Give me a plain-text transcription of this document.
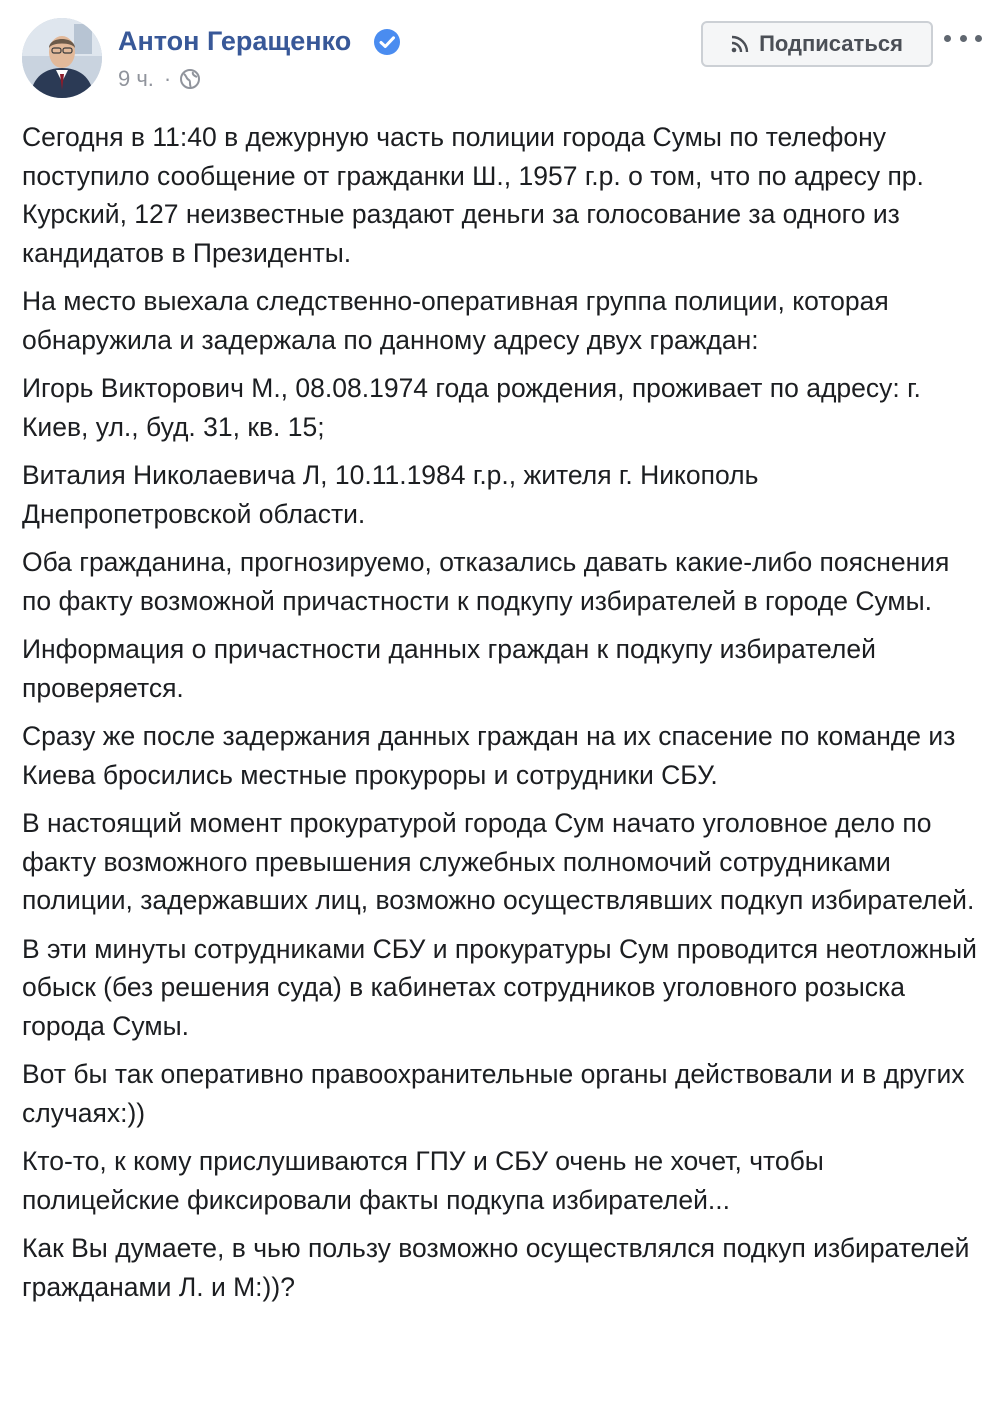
Антон Геращенко
9 ч. ·
Подписаться

Сегодня в 11:40 в дежурную часть полиции города Сумы по телефону поступило сообщение от гражданки Ш., 1957 г.р. о том, что по адресу пр. Курский, 127 неизвестные раздают деньги за голосование за одного из кандидатов в Президенты.

На место выехала следственно-оперативная группа полиции, которая обнаружила и задержала по данному адресу двух граждан:

Игорь Викторович М., 08.08.1974 года рождения, проживает по адресу: г. Киев, ул., буд. 31, кв. 15;

Виталия Николаевича Л, 10.11.1984 г.р., жителя г. Никополь Днепропетровской области.

Оба гражданина, прогнозируемо, отказались давать какие-либо пояснения по факту возможной причастности к подкупу избирателей в городе Сумы.

Информация о причастности данных граждан к подкупу избирателей проверяется.

Сразу же после задержания данных граждан на их спасение по команде из Киева бросились местные прокуроры и сотрудники СБУ.

В настоящий момент прокуратурой города Сум начато уголовное дело по факту возможного превышения служебных полномочий сотрудниками полиции, задержавших лиц, возможно осуществлявших подкуп избирателей.

В эти минуты сотрудниками СБУ и прокуратуры Сум проводится неотложный обыск (без решения суда) в кабинетах сотрудников уголовного розыска города Сумы.

Вот бы так оперативно правоохранительные органы действовали и в других случаях:))

Кто-то, к кому прислушиваются ГПУ и СБУ очень не хочет, чтобы полицейские фиксировали факты подкупа избирателей...

Как Вы думаете, в чью пользу возможно осуществлялся подкуп избирателей гражданами Л. и М:))?
